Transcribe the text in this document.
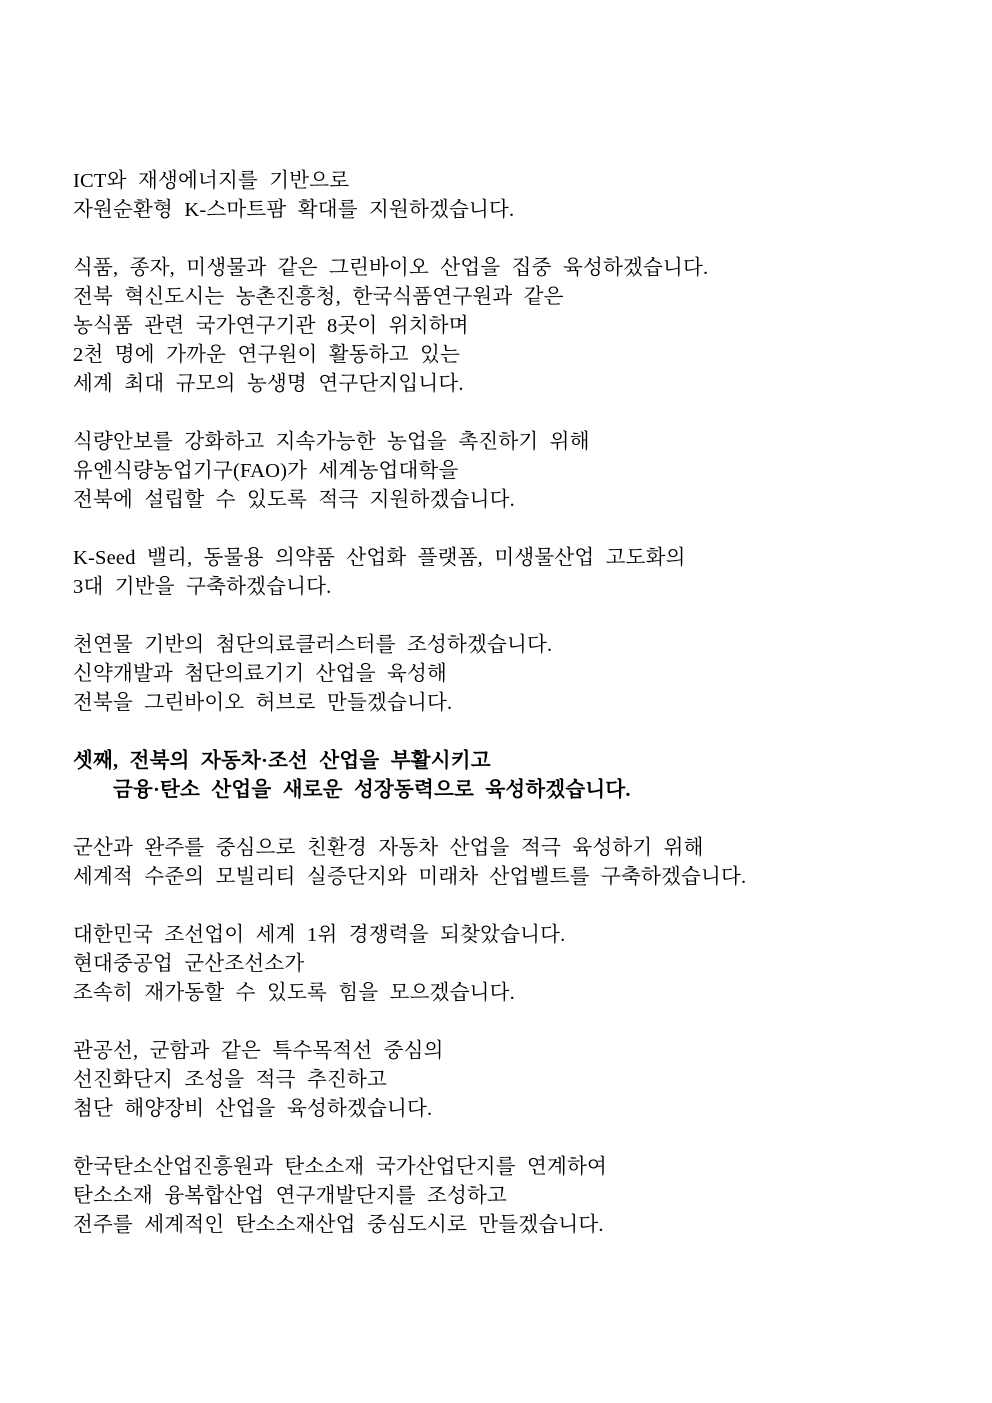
ICT와 재생에너지를 기반으로
자원순환형 K-스마트팜 확대를 지원하겠습니다.
식품, 종자, 미생물과 같은 그린바이오 산업을 집중 육성하겠습니다.
전북 혁신도시는 농촌진흥청, 한국식품연구원과 같은
농식품 관련 국가연구기관 8곳이 위치하며
2천 명에 가까운 연구원이 활동하고 있는
세계 최대 규모의 농생명 연구단지입니다.
식량안보를 강화하고 지속가능한 농업을 촉진하기 위해
유엔식량농업기구(FAO)가 세계농업대학을
전북에 설립할 수 있도록 적극 지원하겠습니다.
K-Seed 밸리, 동물용 의약품 산업화 플랫폼, 미생물산업 고도화의
3대 기반을 구축하겠습니다.
천연물 기반의 첨단의료클러스터를 조성하겠습니다.
신약개발과 첨단의료기기 산업을 육성해
전북을 그린바이오 허브로 만들겠습니다.
셋째, 전북의 자동차·조선 산업을 부활시키고
금융·탄소 산업을 새로운 성장동력으로 육성하겠습니다.
군산과 완주를 중심으로 친환경 자동차 산업을 적극 육성하기 위해
세계적 수준의 모빌리티 실증단지와 미래차 산업벨트를 구축하겠습니다.
대한민국 조선업이 세계 1위 경쟁력을 되찾았습니다.
현대중공업 군산조선소가
조속히 재가동할 수 있도록 힘을 모으겠습니다.
관공선, 군함과 같은 특수목적선 중심의
선진화단지 조성을 적극 추진하고
첨단 해양장비 산업을 육성하겠습니다.
한국탄소산업진흥원과 탄소소재 국가산업단지를 연계하여
탄소소재 융복합산업 연구개발단지를 조성하고
전주를 세계적인 탄소소재산업 중심도시로 만들겠습니다.
